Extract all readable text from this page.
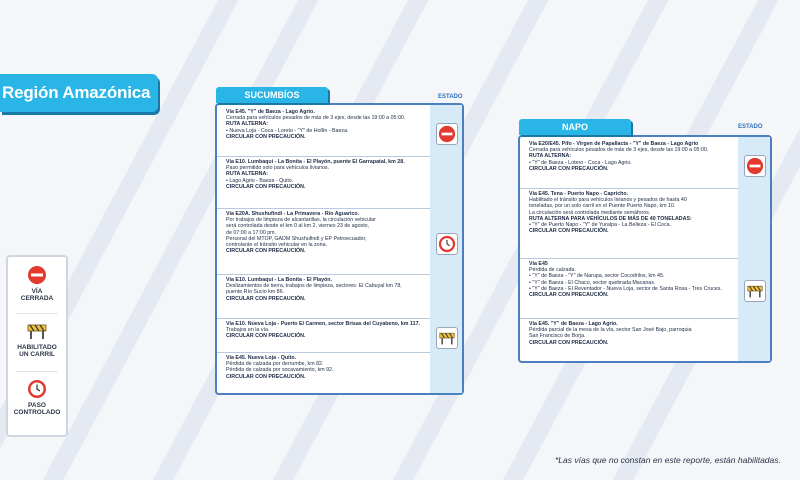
Región Amazónica
VÍA
CERRADA
HABILITADO
UN CARRIL
PASO
CONTROLADO
ESTADO
Vía E45. "Y" de Baeza - Lago Agrio.
Cerrada para vehículos pesados de más de 3 ejes, desde las 19:00 a 05:00.
RUTA ALTERNA:
• Nueva Loja - Coca - Loreto - "Y" de Hollín - Baeza.
CIRCULAR CON PRECAUCIÓN.
Vía E10. Lumbaquí - La Bonita - El Playón, puente El Garrapatal, km 28.
Paso permitido solo para vehículos livianos.
RUTA ALTERNA:
• Lago Agrio - Baeza - Quito.
CIRCULAR CON PRECAUCIÓN.
Vía E20A. Shushufindi - La Primavera - Río Aguarico.
Por trabajos de limpieza de alcantarillas, la circulación vehicular
será controlada desde el km 0 al km 2, viernes 23 de agosto,
de 07:00 a 17:00 pm.
Personal del MTOP, GADM Shushufindi y EP Petroecuador,
controlarán el tránsito vehicular en la zona.
CIRCULAR CON PRECAUCIÓN.
Vía E10. Lumbaquí - La Bonita - El Playón.
Deslizamientos de tierra, trabajos de limpieza, sectores: El Cabuyal km 78,
puente Río Sucio km 86.
CIRCULAR CON PRECAUCIÓN.
Vía E10. Nueva Loja - Puerto El Carmen, sector Brisas del Cuyabeno, km 117.
Trabajos en la vía.
CIRCULAR CON PRECAUCIÓN.
Vía E45. Nueva Loja - Quito.
Pérdida de calzada por derrumbe, km 82.
Pérdida de calzada por socavamiento, km 92.
CIRCULAR CON PRECAUCIÓN.
SUCUMBÍOS
ESTADO
Vía E20/E45. Pifo - Virgen de Papallacta - "Y" de Baeza - Lago Agrio
Cerrada para vehículos pesados de más de 3 ejes, desde las 19:00 a 05:00.
RUTA ALTERNA:
• "Y" de Baeza - Lotero - Coca - Lago Agrio.
CIRCULAR CON PRECAUCIÓN.
Vía E45. Tena - Puerto Napo - Capricho.
Habilitado el tránsito para vehículos livianos y pesados de hasta 40
toneladas, por un solo carril en el Puente Puerto Napo, km 10.
La circulación será controlada mediante semáforos.
RUTA ALTERNA PARA VEHÍCULOS DE MÁS DE 40 TONELADAS:
• "Y" de Puerto Napo - "Y" de Yuralpa - La Belleza - El Coca.
CIRCULAR CON PRECAUCIÓN.
Vía E45
Pérdida de calzada.
• "Y" de Baeza - "Y" de Narupa, sector Cocodrilos, km 45.
• "Y" de Baeza - El Chaco, sector quebrada Macanas.
• "Y" de Baeza - El Reventador - Nueva Loja, sector de Santa Rosa - Tres Cruces.
CIRCULAR CON PRECAUCIÓN.
Vía E45. "Y" de Baeza - Lago Agrio.
Pérdida parcial de la mesa de la vía, sector San José Bajo, parroquia
San Francisco de Borja.
CIRCULAR CON PRECAUCIÓN.
NAPO
*Las vías que no constan en este reporte, están habilitadas.
